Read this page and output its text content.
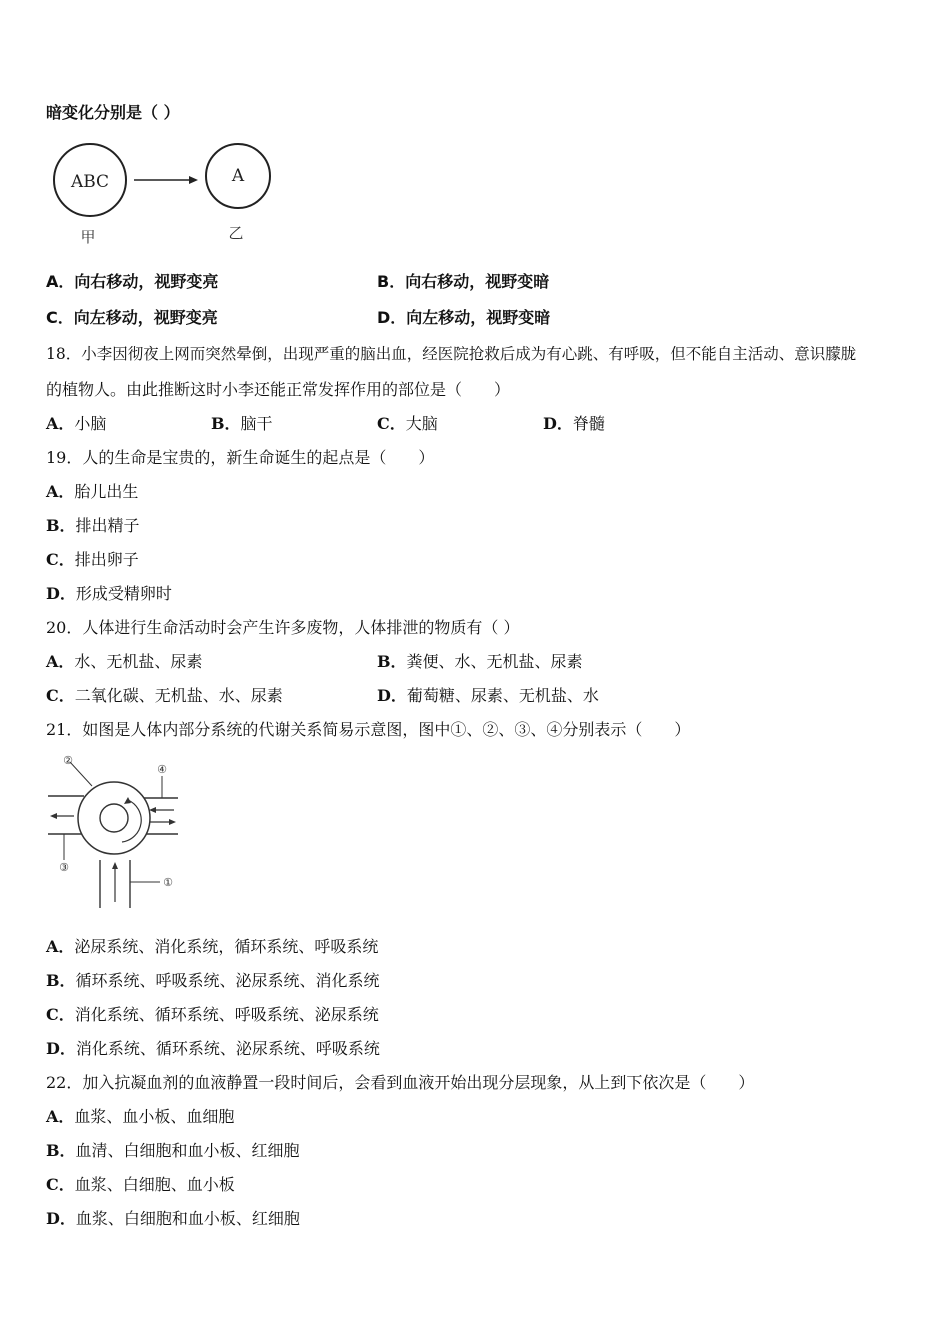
暗变化分别是（ ）
ABC	A
甲	乙
A．向右移动，视野变亮	B．向右移动，视野变暗
C．向左移动，视野变亮	D．向左移动，视野变暗
18．小李因彻夜上网而突然晕倒，出现严重的脑出血，经医院抢救后成为有心跳、有呼吸，但不能自主活动、意识朦胧
的植物人。由此推断这时小李还能正常发挥作用的部位是（　　）
A．小脑	B．脑干	C．大脑	D．脊髓
19．人的生命是宝贵的，新生命诞生的起点是（　　）
A．胎儿出生
B．排出精子
C．排出卵子
D．形成受精卵时
20．人体进行生命活动时会产生许多废物，人体排泄的物质有（ ）
A．水、无机盐、尿素	B．粪便、水、无机盐、尿素
C．二氧化碳、无机盐、水、尿素	D．葡萄糖、尿素、无机盐、水
21．如图是人体内部分系统的代谢关系简易示意图，图中①、②、③、④分别表示（　　）
②
④
③
①
A．泌尿系统、消化系统，循环系统、呼吸系统
B．循环系统、呼吸系统、泌尿系统、消化系统
C．消化系统、循环系统、呼吸系统、泌尿系统
D．消化系统、循环系统、泌尿系统、呼吸系统
22．加入抗凝血剂的血液静置一段时间后，会看到血液开始出现分层现象，从上到下依次是（　　）
A．血浆、血小板、血细胞
B．血清、白细胞和血小板、红细胞
C．血浆、白细胞、血小板
D．血浆、白细胞和血小板、红细胞
